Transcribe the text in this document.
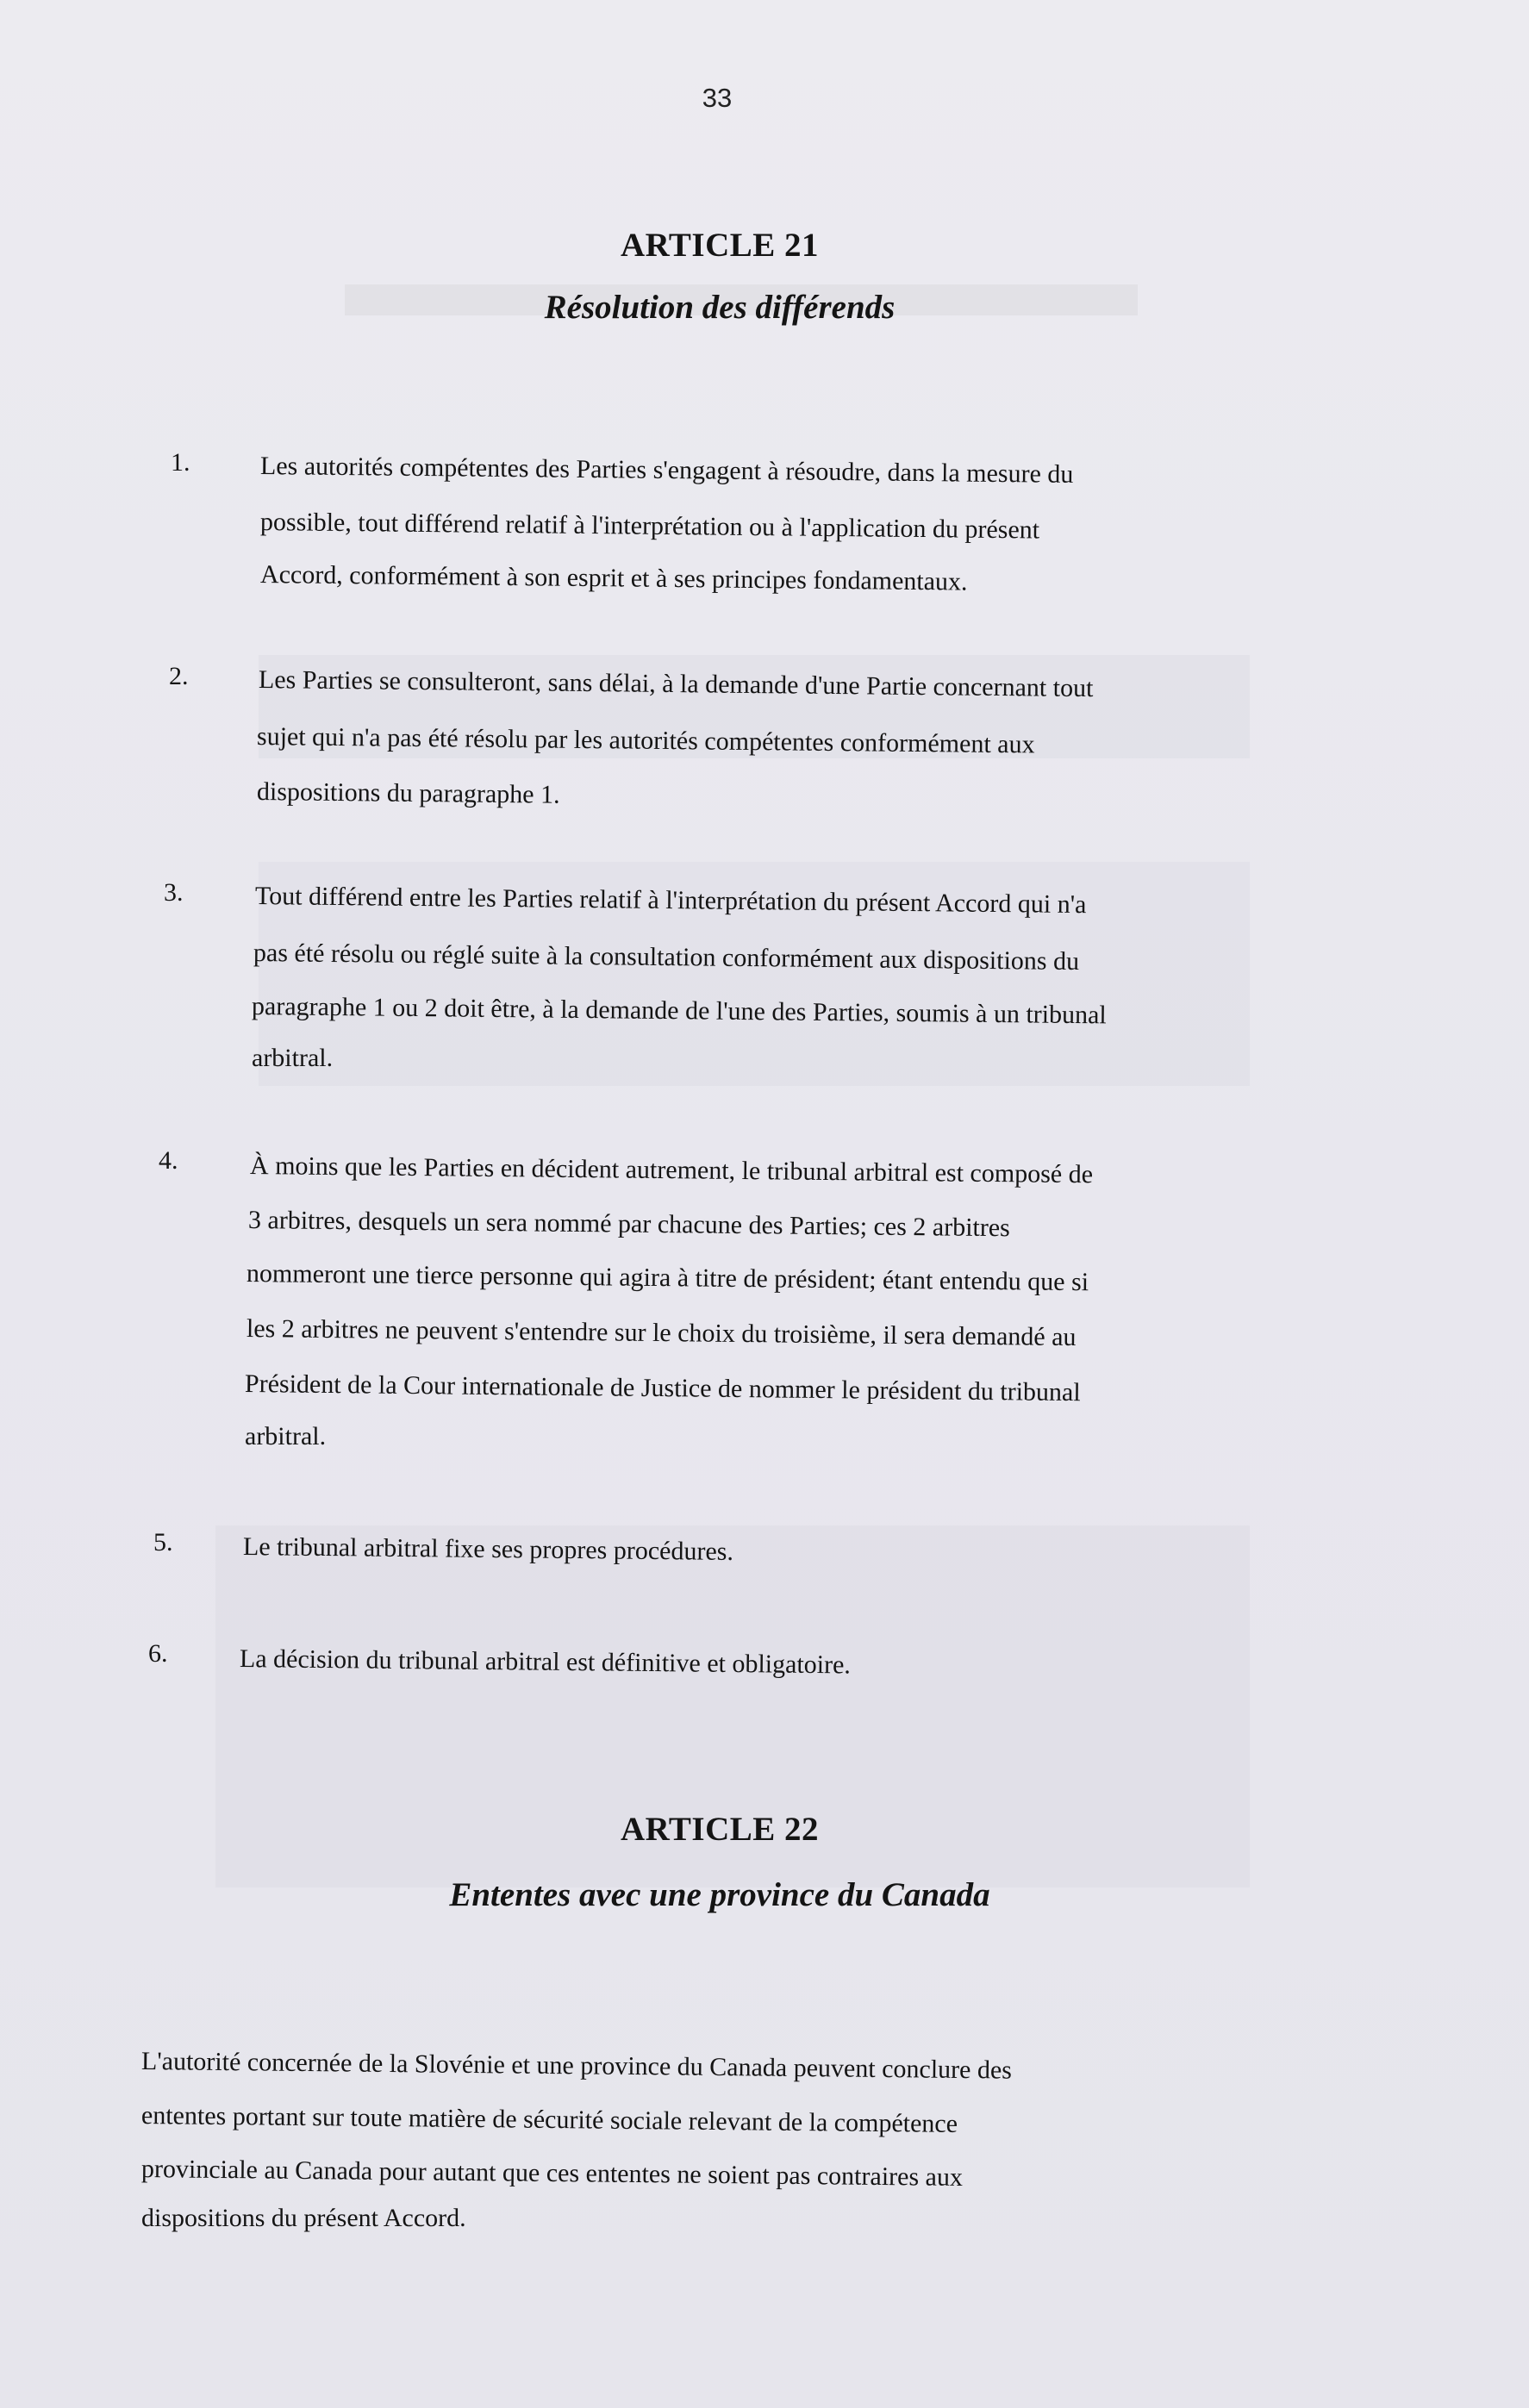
33
ARTICLE 21
Résolution des différends
1.	Les autorités compétentes des Parties s'engagent à résoudre, dans la mesure du
possible, tout différend relatif à l'interprétation ou à l'application du présent
Accord, conformément à son esprit et à ses principes fondamentaux.
2.	Les Parties se consulteront, sans délai, à la demande d'une Partie concernant tout
sujet qui n'a pas été résolu par les autorités compétentes conformément aux
dispositions du paragraphe 1.
3.	Tout différend entre les Parties relatif à l'interprétation du présent Accord qui n'a
pas été résolu ou réglé suite à la consultation conformément aux dispositions du
paragraphe 1 ou 2 doit être, à la demande de l'une des Parties, soumis à un tribunal
arbitral.
4.	À moins que les Parties en décident autrement, le tribunal arbitral est composé de
3 arbitres, desquels un sera nommé par chacune des Parties; ces 2 arbitres
nommeront une tierce personne qui agira à titre de président; étant entendu que si
les 2 arbitres ne peuvent s'entendre sur le choix du troisième, il sera demandé au
Président de la Cour internationale de Justice de nommer le président du tribunal
arbitral.
5.	Le tribunal arbitral fixe ses propres procédures.
6.	La décision du tribunal arbitral est définitive et obligatoire.
ARTICLE 22
Ententes avec une province du Canada
L'autorité concernée de la Slovénie et une province du Canada peuvent conclure des
ententes portant sur toute matière de sécurité sociale relevant de la compétence
provinciale au Canada pour autant que ces ententes ne soient pas contraires aux
dispositions du présent Accord.
